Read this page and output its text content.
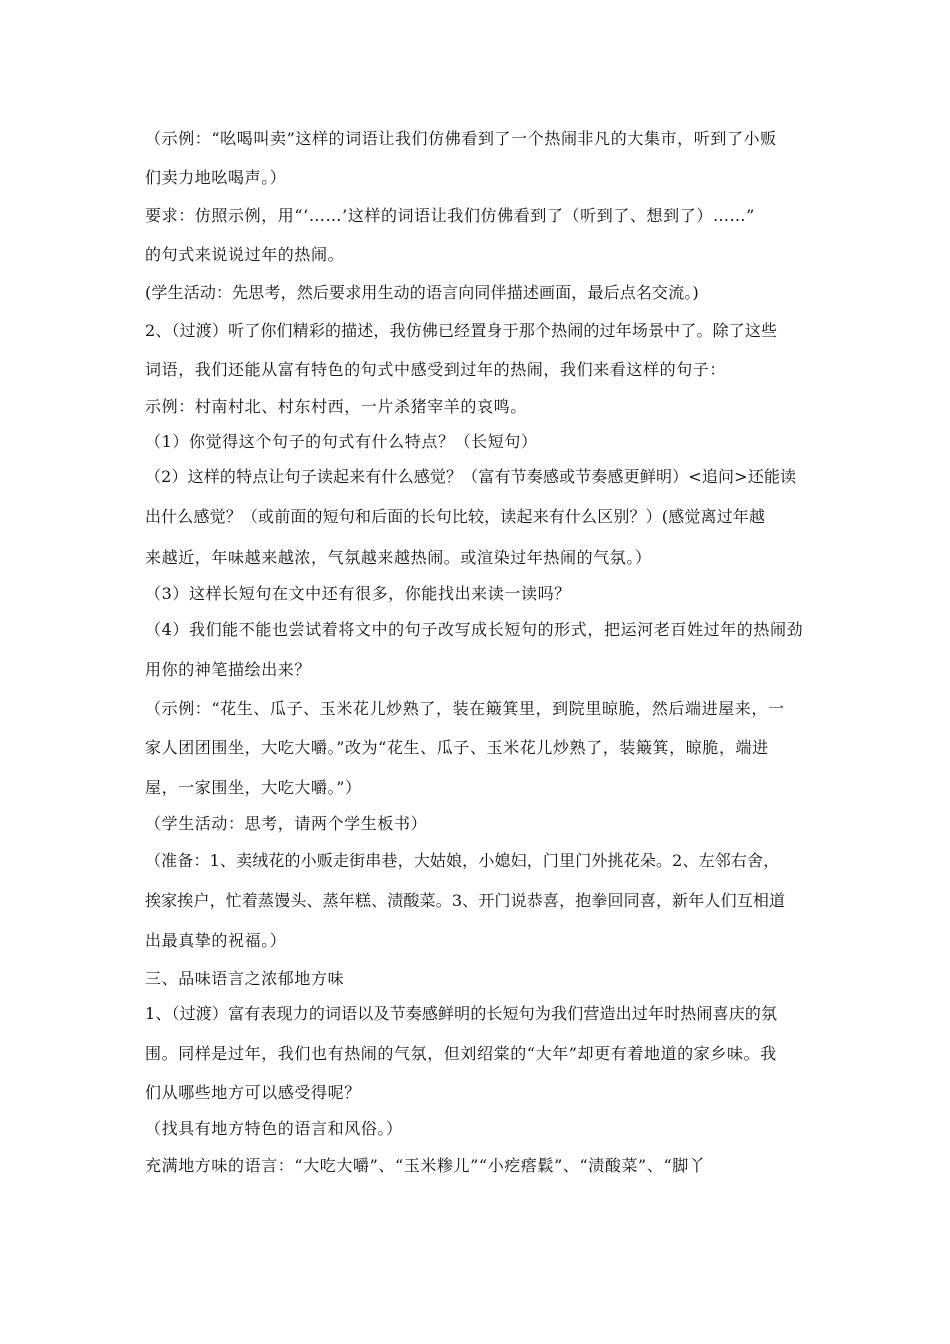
（示例：“吆喝叫卖”这样的词语让我们仿佛看到了一个热闹非凡的大集市，听到了小贩
们卖力地吆喝声。）
要求：仿照示例，用“‘……’这样的词语让我们仿佛看到了（听到了、想到了）……”
的句式来说说过年的热闹。
(学生活动：先思考，然后要求用生动的语言向同伴描述画面，最后点名交流。)
2、（过渡）听了你们精彩的描述，我仿佛已经置身于那个热闹的过年场景中了。除了这些
词语，我们还能从富有特色的句式中感受到过年的热闹，我们来看这样的句子：
示例：村南村北、村东村西，一片杀猪宰羊的哀鸣。
（1）你觉得这个句子的句式有什么特点？（长短句）
（2）这样的特点让句子读起来有什么感觉？（富有节奏感或节奏感更鲜明）<追问>还能读
出什么感觉？（或前面的短句和后面的长句比较，读起来有什么区别？）(感觉离过年越
来越近，年味越来越浓，气氛越来越热闹。或渲染过年热闹的气氛。）
（3）这样长短句在文中还有很多，你能找出来读一读吗？
（4）我们能不能也尝试着将文中的句子改写成长短句的形式，把运河老百姓过年的热闹劲
用你的神笔描绘出来？
（示例：“花生、瓜子、玉米花儿炒熟了，装在簸箕里，到院里晾脆，然后端进屋来，一
家人团团围坐，大吃大嚼。”改为“花生、瓜子、玉米花儿炒熟了，装簸箕，晾脆，端进
屋，一家围坐，大吃大嚼。”）
（学生活动：思考，请两个学生板书）
（准备：1、卖绒花的小贩走街串巷，大姑娘，小媳妇，门里门外挑花朵。2、左邻右舍，
挨家挨户，忙着蒸馒头、蒸年糕、渍酸菜。3、开门说恭喜，抱拳回同喜，新年人们互相道
出最真挚的祝福。）
三、品味语言之浓郁地方味
1、（过渡）富有表现力的词语以及节奏感鲜明的长短句为我们营造出过年时热闹喜庆的氛
围。同样是过年，我们也有热闹的气氛，但刘绍棠的“大年”却更有着地道的家乡味。我
们从哪些地方可以感受得呢？
（找具有地方特色的语言和风俗。）
充满地方味的语言：“大吃大嚼”、“玉米糁儿”“小疙瘩鬏”、“渍酸菜”、“脚丫
